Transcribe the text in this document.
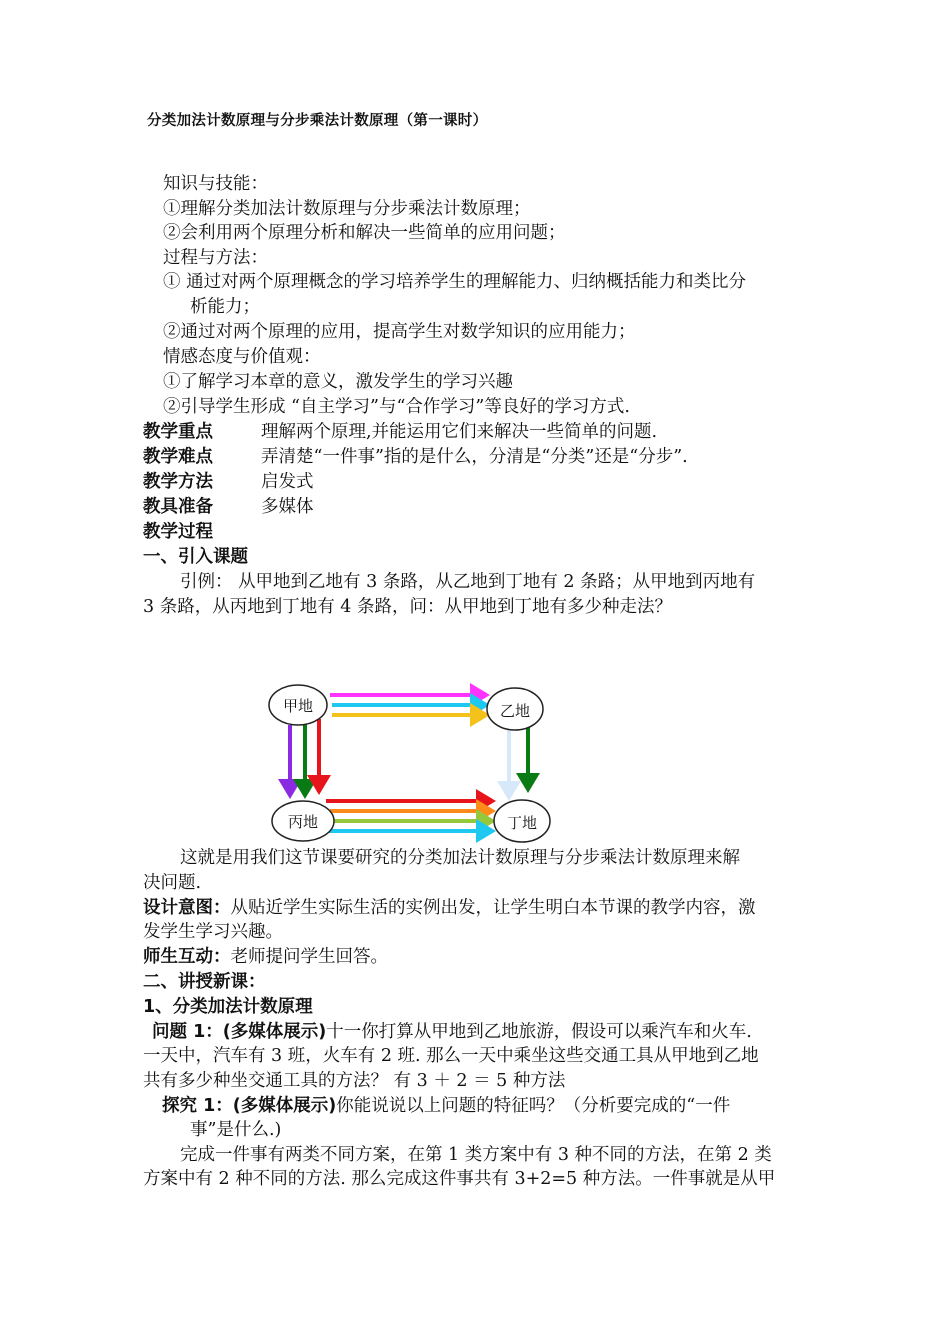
分类加法计数原理与分步乘法计数原理（第一课时）
知识与技能：
①理解分类加法计数原理与分步乘法计数原理；
②会利用两个原理分析和解决一些简单的应用问题；
过程与方法：
① 通过对两个原理概念的学习培养学生的理解能力、归纳概括能力和类比分
析能力；
②通过对两个原理的应用，提高学生对数学知识的应用能力；
情感态度与价值观：
①了解学习本章的意义，激发学生的学习兴趣
②引导学生形成 “自主学习”与“合作学习”等良好的学习方式.
教学重点	理解两个原理,并能运用它们来解决一些简单的问题.
教学难点	弄清楚“一件事”指的是什么，分清是“分类”还是“分步”.
教学方法	启发式
教具准备	多媒体
教学过程
一、引入课题
引例： 从甲地到乙地有 3 条路，从乙地到丁地有 2 条路；从甲地到丙地有
3 条路，从丙地到丁地有 4 条路，问：从甲地到丁地有多少种走法？
甲地	乙地
丙地	丁地
这就是用我们这节课要研究的分类加法计数原理与分步乘法计数原理来解
决问题.
设计意图：从贴近学生实际生活的实例出发，让学生明白本节课的教学内容，激
发学生学习兴趣。
师生互动：老师提问学生回答。
二、讲授新课：
1、分类加法计数原理
问题 1：(多媒体展示)十一你打算从甲地到乙地旅游，假设可以乘汽车和火车.
一天中，汽车有 3 班，火车有 2 班. 那么一天中乘坐这些交通工具从甲地到乙地
共有多少种坐交通工具的方法？ 有 3 ＋ 2 ＝ 5 种方法
探究 1：(多媒体展示)你能说说以上问题的特征吗？（分析要完成的“一件
事”是什么.)
完成一件事有两类不同方案，在第 1 类方案中有 3 种不同的方法，在第 2 类
方案中有 2 种不同的方法. 那么完成这件事共有 3+2=5 种方法。一件事就是从甲
